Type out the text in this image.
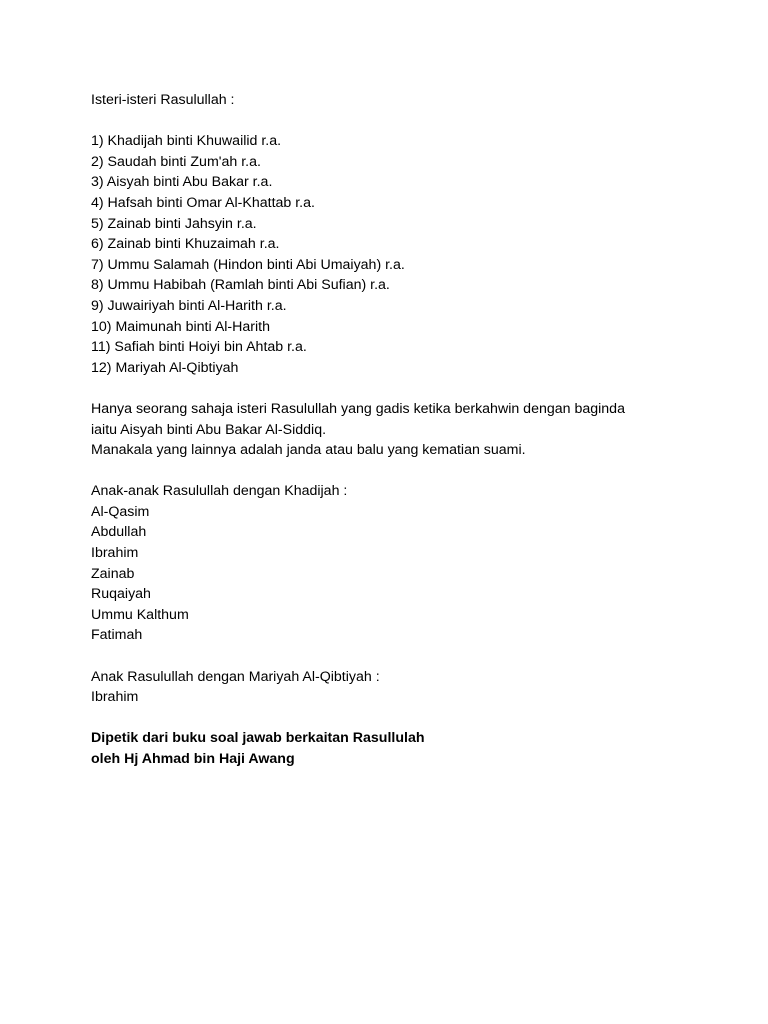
Isteri-isteri Rasulullah :
1) Khadijah binti Khuwailid r.a.
2) Saudah binti Zum'ah r.a.
3) Aisyah binti Abu Bakar r.a.
4) Hafsah binti Omar Al-Khattab r.a.
5) Zainab binti Jahsyin r.a.
6) Zainab binti Khuzaimah r.a.
7) Ummu Salamah (Hindon binti Abi Umaiyah) r.a.
8) Ummu Habibah (Ramlah binti Abi Sufian) r.a.
9) Juwairiyah binti Al-Harith r.a.
10) Maimunah binti Al-Harith
11) Safiah binti Hoiyi bin Ahtab r.a.
12) Mariyah Al-Qibtiyah
Hanya seorang sahaja isteri Rasulullah yang gadis ketika berkahwin dengan baginda
iaitu Aisyah binti Abu Bakar Al-Siddiq.
Manakala yang lainnya adalah janda atau balu yang kematian suami.
Anak-anak Rasulullah dengan Khadijah :
Al-Qasim
Abdullah
Ibrahim
Zainab
Ruqaiyah
Ummu Kalthum
Fatimah
Anak Rasulullah dengan Mariyah Al-Qibtiyah :
Ibrahim
Dipetik dari buku soal jawab berkaitan Rasullulah
oleh Hj Ahmad bin Haji Awang
